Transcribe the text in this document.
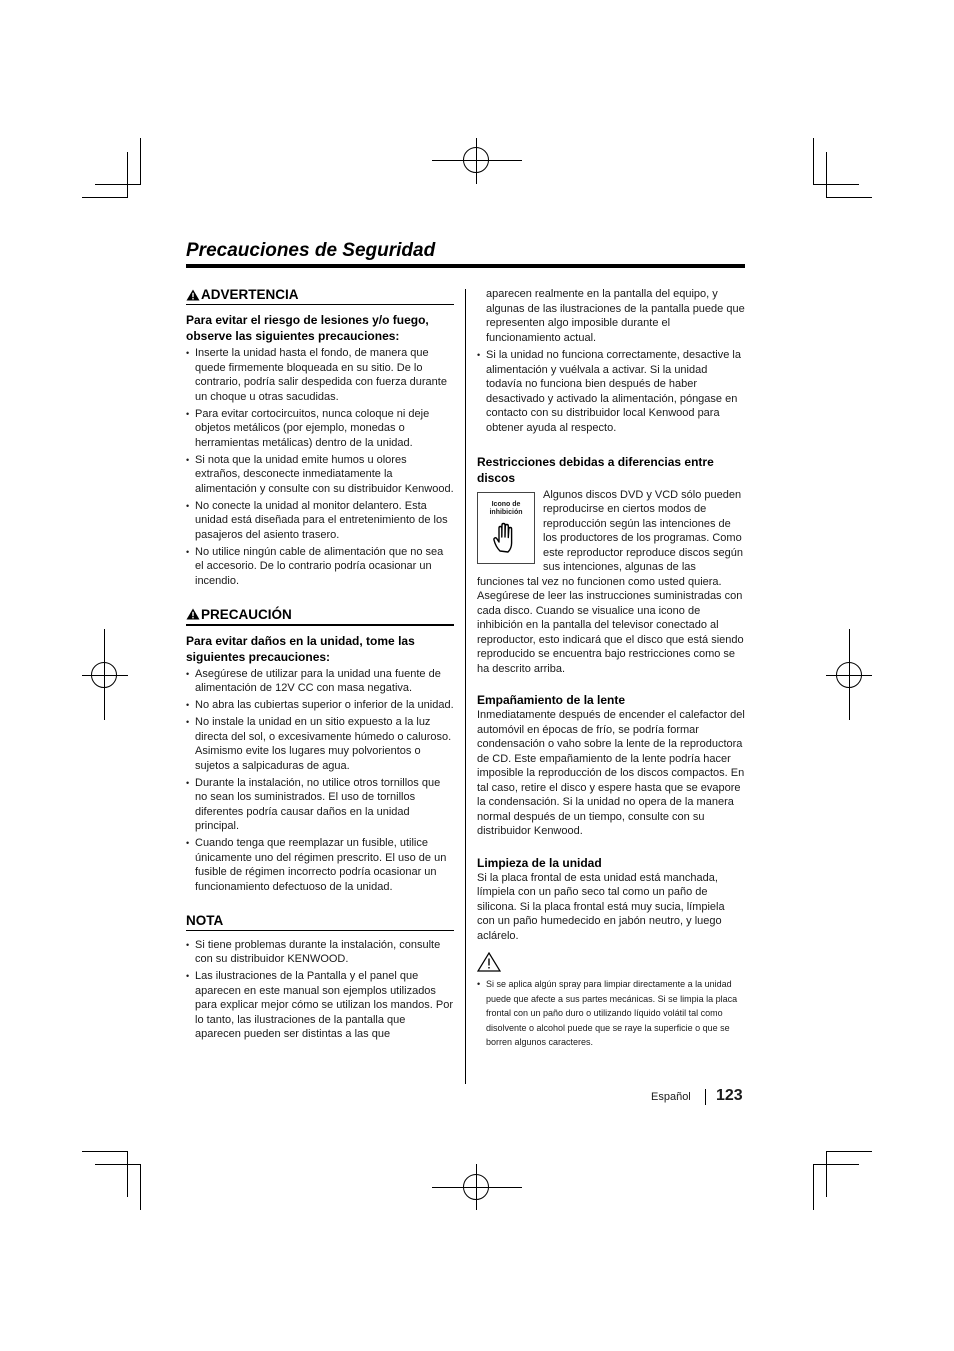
Precauciones de Seguridad
ADVERTENCIA

Para evitar el riesgo de lesiones y/o fuego, observe las siguientes precauciones:

• Inserte la unidad hasta el fondo, de manera que quede firmemente bloqueada en su sitio. De lo contrario, podría salir despedida con fuerza durante un choque u otras sacudidas.
• Para evitar cortocircuitos, nunca coloque ni deje objetos metálicos (por ejemplo, monedas o herramientas metálicas) dentro de la unidad.
• Si nota que la unidad emite humos u olores extraños, desconecte inmediatamente la alimentación y consulte con su distribuidor Kenwood.
• No conecte la unidad al monitor delantero. Esta unidad está diseñada para el entretenimiento de los pasajeros del asiento trasero.
• No utilice ningún cable de alimentación que no sea el accesorio. De lo contrario podría ocasionar un incendio.
PRECAUCIÓN

Para evitar daños en la unidad, tome las siguientes precauciones:

• Asegúrese de utilizar para la unidad una fuente de alimentación de 12V CC con masa negativa.
• No abra las cubiertas superior o inferior de la unidad.
• No instale la unidad en un sitio expuesto a la luz directa del sol, o excesivamente húmedo o caluroso. Asimismo evite los lugares muy polvorientos o sujetos a salpicaduras de agua.
• Durante la instalación, no utilice otros tornillos que no sean los suministrados. El uso de tornillos diferentes podría causar daños en la unidad principal.
• Cuando tenga que reemplazar un fusible, utilice únicamente uno del régimen prescrito. El uso de un fusible de régimen incorrecto podría ocasionar un funcionamiento defectuoso de la unidad.
NOTA
• Si tiene problemas durante la instalación, consulte con su distribuidor KENWOOD.
• Las ilustraciones de la Pantalla y el panel que aparecen en este manual son ejemplos utilizados para explicar mejor cómo se utilizan los mandos. Por lo tanto, las ilustraciones de la pantalla que aparecen pueden ser distintas a las que

aparecen realmente en la pantalla del equipo, y algunas de las ilustraciones de la pantalla puede que representen algo imposible durante el funcionamiento actual.

• Si la unidad no funciona correctamente, desactive la alimentación y vuélvala a activar. Si la unidad todavía no funciona bien después de haber desactivado y activado la alimentación, póngase en contacto con su distribuidor local Kenwood para obtener ayuda al respecto.

Restricciones debidas a diferencias entre discos

Icono de inhibición

Algunos discos DVD y VCD sólo pueden reproducirse en ciertos modos de reproducción según las intenciones de los productores de los programas. Como este reproductor reproduce discos según sus intenciones, algunas de las funciones tal vez no funcionen como usted quiera. Asegúrese de leer las instrucciones suministradas con cada disco. Cuando se visualice una icono de inhibición en la pantalla del televisor conectado al reproductor, esto indicará que el disco que está siendo reproducido se encuentra bajo restricciones como se ha descrito arriba.

Empañamiento de la lente

Inmediatamente después de encender el calefactor del automóvil en épocas de frío, se podría formar condensación o vaho sobre la lente de la reproductora de CD. Este empañamiento de la lente podría hacer imposible la reproducción de los discos compactos. En tal caso, retire el disco y espere hasta que se evapore la condensación. Si la unidad no opera de la manera normal después de un tiempo, consulte con su distribuidor Kenwood.

Limpieza de la unidad

Si la placa frontal de esta unidad está manchada, límpiela con un paño seco tal como un paño de silicona. Si la placa frontal está muy sucia, límpiela con un paño humedecido en jabón neutro, y luego aclárelo.

• Si se aplica algún spray para limpiar directamente a la unidad puede que afecte a sus partes mecánicas. Si se limpia la placa frontal con un paño duro o utilizando líquido volátil tal como disolvente o alcohol puede que se raye la superficie o que se borren algunos caracteres.
Español 123
